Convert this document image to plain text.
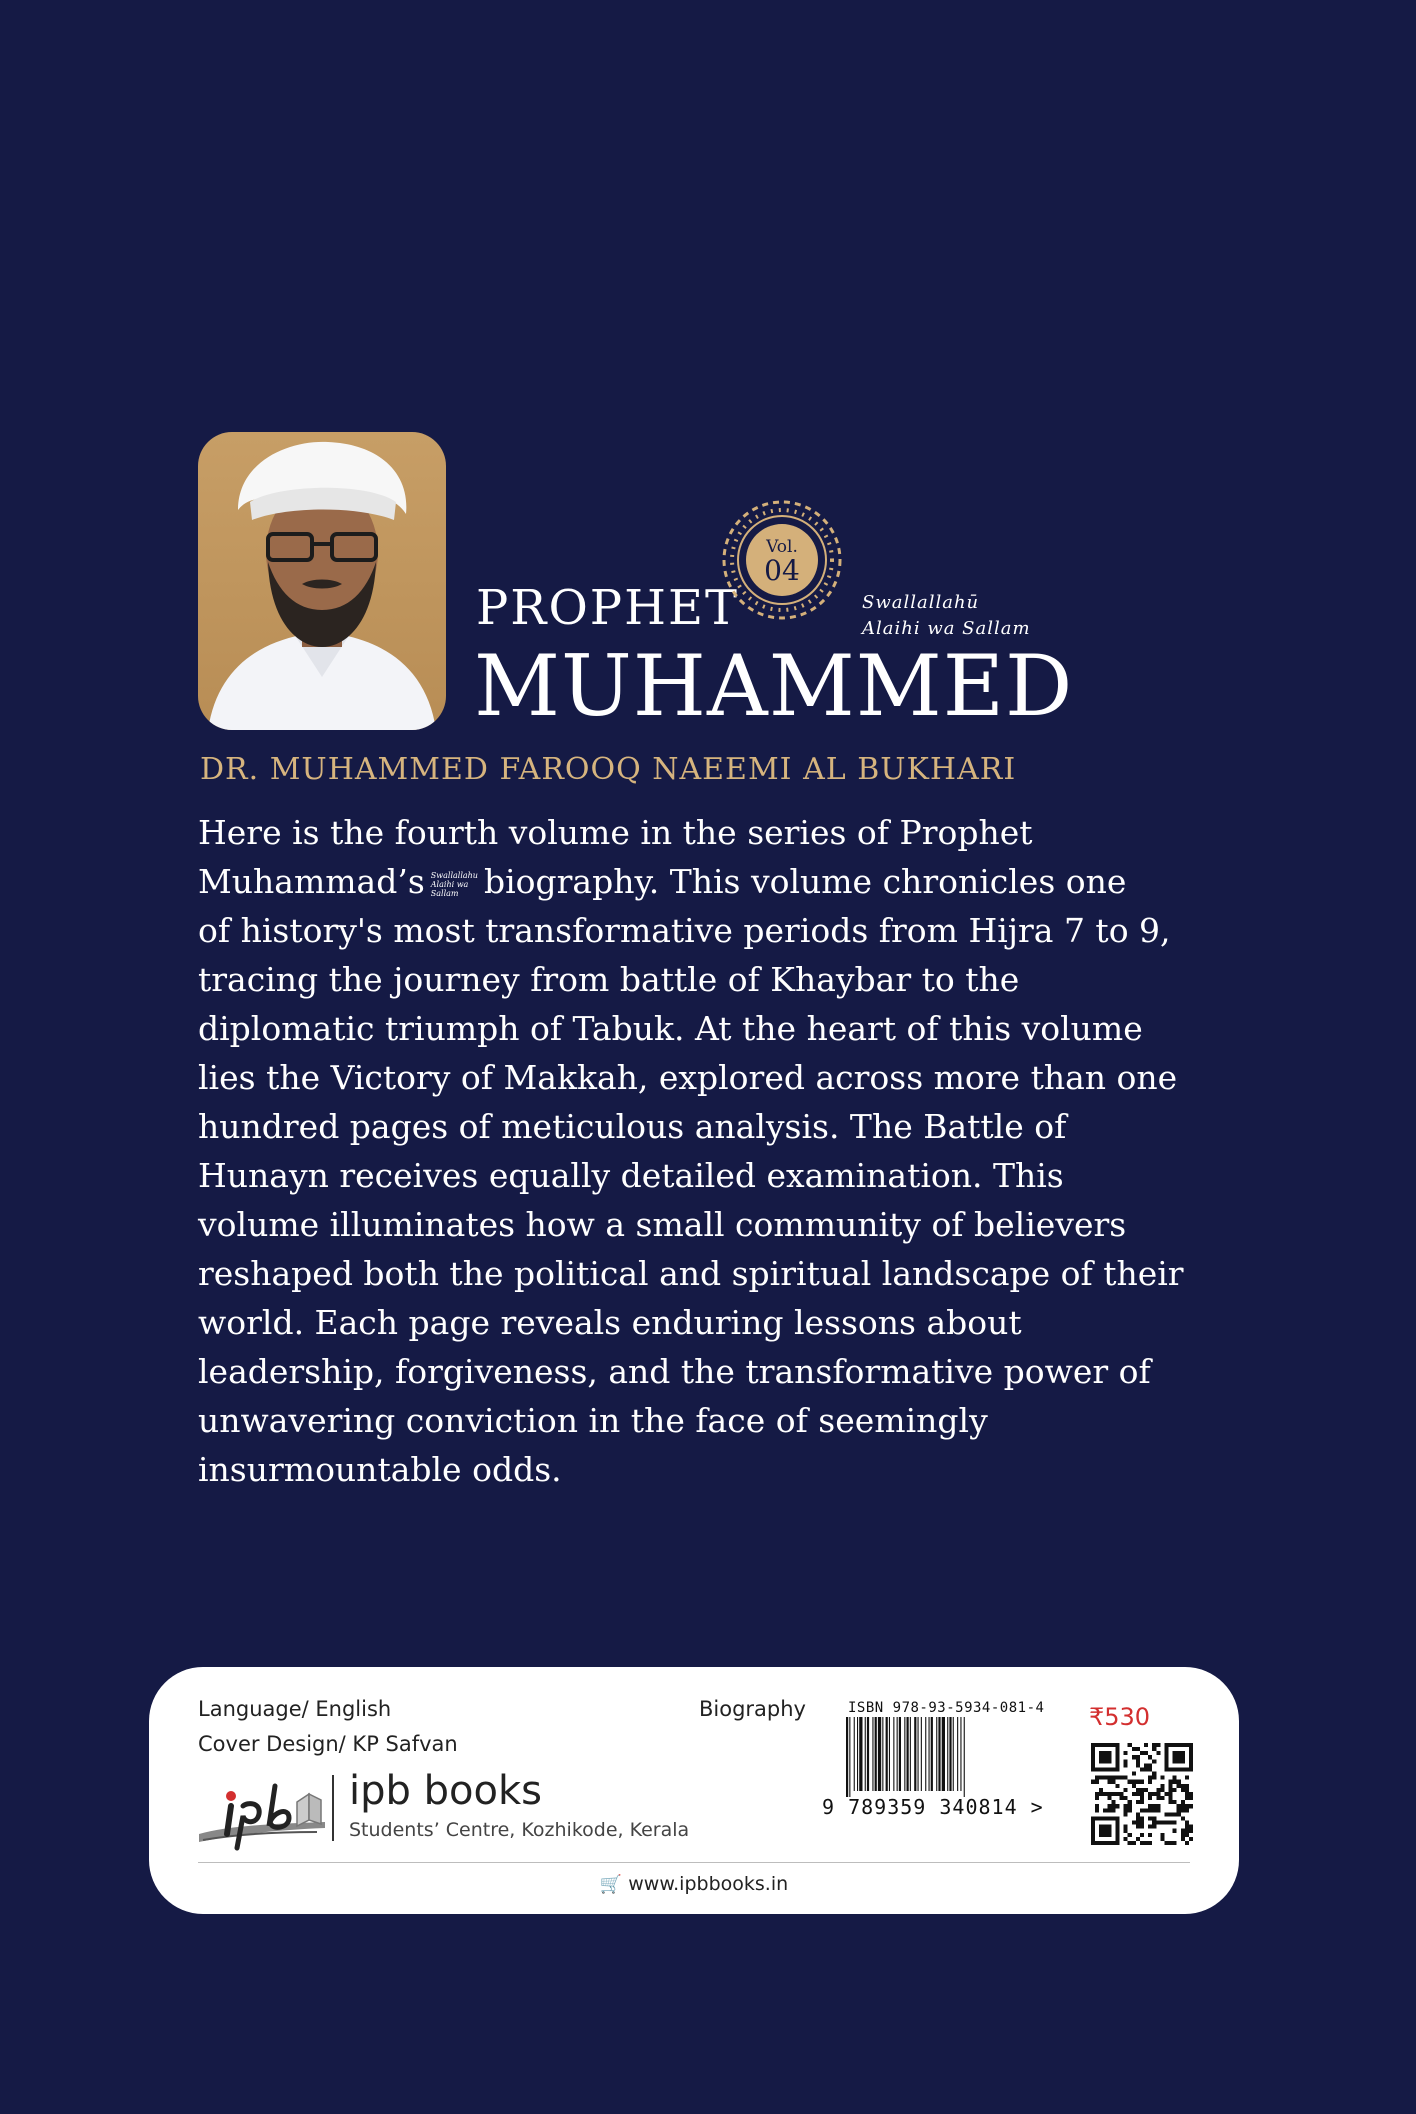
PROPHET
Vol.
04
Swallallahū
Alaihi wa Sallam
MUHAMMED
DR. MUHAMMED FAROOQ NAEEMI AL BUKHARI
Here is the fourth volume in the series of Prophet
Muhammad’s Swallallahu
Alaihi wa
Sallam biography. This volume chronicles one
of history's most transformative periods from Hijra 7 to 9,
tracing the journey from battle of Khaybar to the
diplomatic triumph of Tabuk. At the heart of this volume
lies the Victory of Makkah, explored across more than one
hundred pages of meticulous analysis. The Battle of
Hunayn receives equally detailed examination. This
volume illuminates how a small community of believers
reshaped both the political and spiritual landscape of their
world. Each page reveals enduring lessons about
leadership, forgiveness, and the transformative power of
unwavering conviction in the face of seemingly
insurmountable odds.
Language/ English
Cover Design/ KP Safvan
Biography
ipb books
Students’ Centre, Kozhikode, Kerala
ISBN 978-93-5934-081-4
9 789359 340814 >
₹530
🛒 www.ipbbooks.in
